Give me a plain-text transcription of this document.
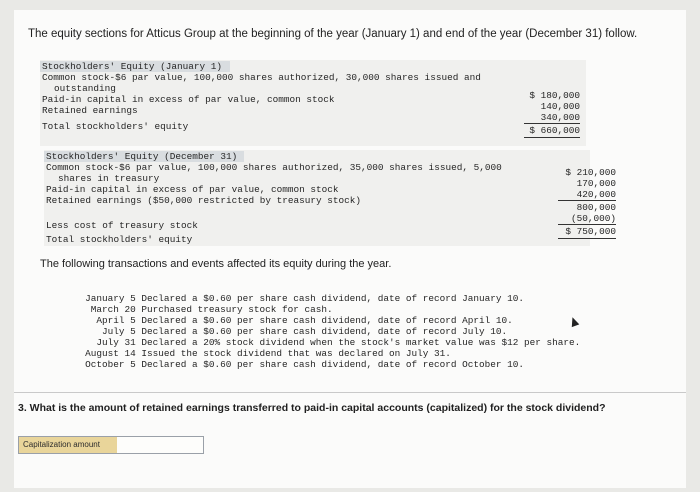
The equity sections for Atticus Group at the beginning of the year (January 1) and end of the year (December 31) follow.
Stockholders' Equity (January 1)
Common stock-$6 par value, 100,000 shares authorized, 30,000 shares issued and
outstanding
Paid-in capital in excess of par value, common stock
Retained earnings
Total stockholders' equity
$ 180,000
140,000
340,000
$ 660,000
Stockholders' Equity (December 31)
Common stock-$6 par value, 100,000 shares authorized, 35,000 shares issued, 5,000
shares in treasury
Paid-in capital in excess of par value, common stock
Retained earnings ($50,000 restricted by treasury stock)
Less cost of treasury stock
Total stockholders' equity
$ 210,000
170,000
420,000
800,000
(50,000)
$ 750,000
The following transactions and events affected its equity during the year.

January 5 Declared a $0.60 per share cash dividend, date of record January 10.

March 20 Purchased treasury stock for cash.

April 5 Declared a $0.60 per share cash dividend, date of record April 10.

July 5 Declared a $0.60 per share cash dividend, date of record July 10.

July 31 Declared a 20% stock dividend when the stock's market value was $12 per share.

August 14 Issued the stock dividend that was declared on July 31.

October 5 Declared a $0.60 per share cash dividend, date of record October 10.

3. What is the amount of retained earnings transferred to paid-in capital accounts (capitalized) for the stock dividend?
Capitalization amount
